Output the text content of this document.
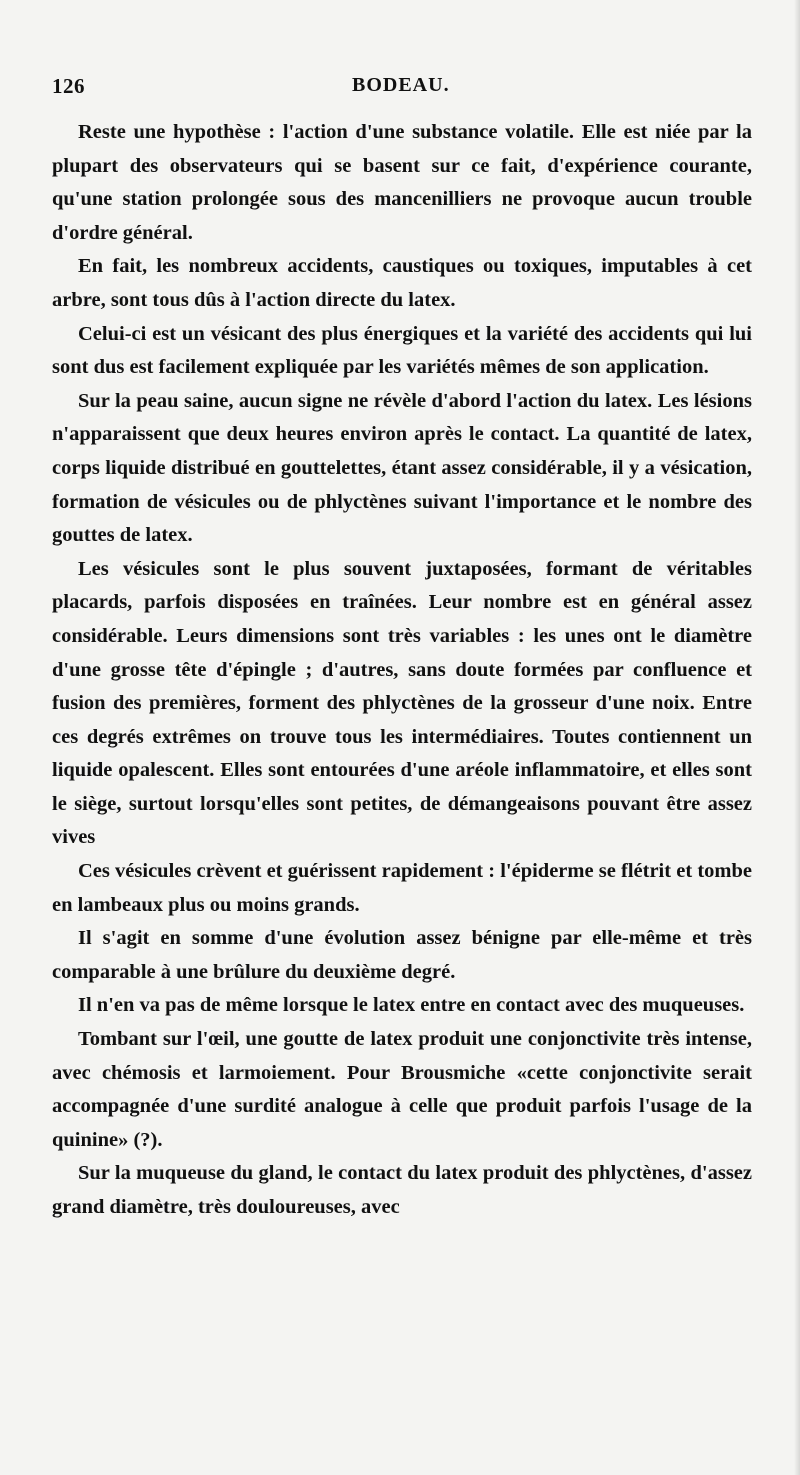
126	BODEAU.

Reste une hypothèse : l'action d'une substance volatile. Elle est niée par la plupart des observateurs qui se basent sur ce fait, d'expérience courante, qu'une station prolongée sous des mancenilliers ne provoque aucun trouble d'ordre général.

En fait, les nombreux accidents, caustiques ou toxiques, imputables à cet arbre, sont tous dûs à l'action directe du latex.

Celui-ci est un vésicant des plus énergiques et la variété des accidents qui lui sont dus est facilement expliquée par les variétés mêmes de son application.

Sur la peau saine, aucun signe ne révèle d'abord l'action du latex. Les lésions n'apparaissent que deux heures environ après le contact. La quantité de latex, corps liquide distribué en gouttelettes, étant assez considérable, il y a vésication, formation de vésicules ou de phlyctènes suivant l'importance et le nombre des gouttes de latex.

Les vésicules sont le plus souvent juxtaposées, formant de véritables placards, parfois disposées en traînées. Leur nombre est en général assez considérable. Leurs dimensions sont très variables : les unes ont le diamètre d'une grosse tête d'épingle ; d'autres, sans doute formées par confluence et fusion des premières, forment des phlyctènes de la grosseur d'une noix. Entre ces degrés extrêmes on trouve tous les intermédiaires. Toutes contiennent un liquide opalescent. Elles sont entourées d'une aréole inflammatoire, et elles sont le siège, surtout lorsqu'elles sont petites, de démangeaisons pouvant être assez vives

Ces vésicules crèvent et guérissent rapidement : l'épiderme se flétrit et tombe en lambeaux plus ou moins grands.

Il s'agit en somme d'une évolution assez bénigne par elle-même et très comparable à une brûlure du deuxième degré.

Il n'en va pas de même lorsque le latex entre en contact avec des muqueuses.

Tombant sur l'œil, une goutte de latex produit une conjonctivite très intense, avec chémosis et larmoiement. Pour Brousmiche «cette conjonctivite serait accompagnée d'une surdité analogue à celle que produit parfois l'usage de la quinine» (?).

Sur la muqueuse du gland, le contact du latex produit des phlyctènes, d'assez grand diamètre, très douloureuses, avec
